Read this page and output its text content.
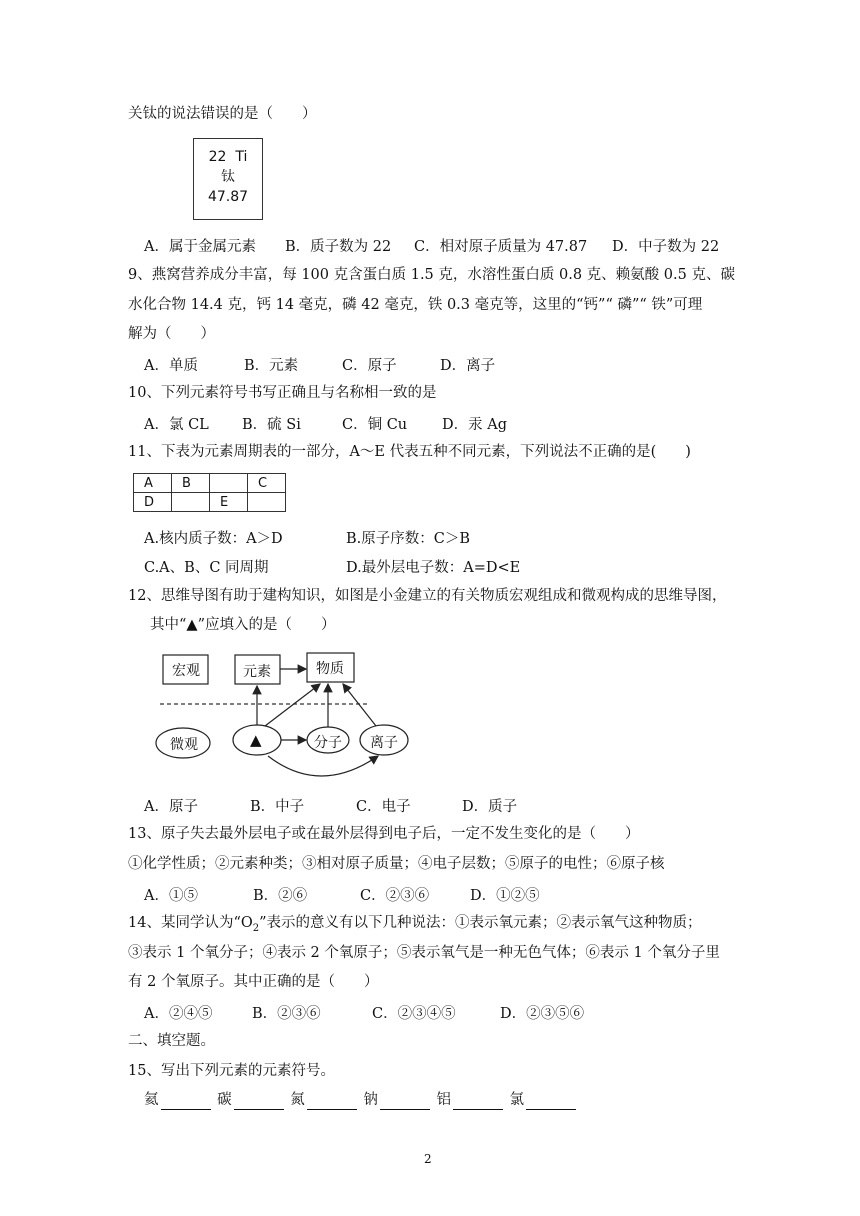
关钛的说法错误的是（　　）
22 Ti
钛
47.87
A．属于金属元素 B．质子数为 22 C．相对原子质量为 47.87 D．中子数为 22
9、燕窝营养成分丰富，每 100 克含蛋白质 1.5 克，水溶性蛋白质 0.8 克、赖氨酸 0.5 克、碳
水化合物 14.4 克，钙 14 毫克，磷 42 毫克，铁 0.3 毫克等，这里的“钙”“ 磷”“ 铁”可理
解为（　　）
A．单质	B．元素	C．原子	D．离子
10、下列元素符号书写正确且与名称相一致的是
A．氯 CL B．硫 Si	C．铜 Cu D．汞 Ag
11、下表为元素周期表的一部分，A～E 代表五种不同元素，下列说法不正确的是(　　)
A	B		C
D		E	
A.核内质子数：A＞D	B.原子序数：C＞B
C.A、B、C 同周期	D.最外层电子数：A=D<E
12、思维导图有助于建构知识，如图是小金建立的有关物质宏观组成和微观构成的思维导图，
其中“▲”应填入的是（　　）
宏观	元素	物质
微观	▲	分子 离子
A．原子	B．中子	C．电子	D．质子
13、原子失去最外层电子或在最外层得到电子后，一定不发生变化的是（　　）
①化学性质；②元素种类；③相对原子质量；④电子层数；⑤原子的电性；⑥原子核
A．①⑤	B．②⑥	C．②③⑥	D．①②⑤
14、某同学认为“$O_2$”表示的意义有以下几种说法：①表示氧元素；②表示氧气这种物质；
③表示 1 个氧分子；④表示 2 个氧原子；⑤表示氧气是一种无色气体；⑥表示 1 个氧分子里
有 2 个氧原子。其中正确的是（　　）
A．②④⑤	B．②③⑥	C．②③④⑤	D．②③⑤⑥
二、填空题。
15、写出下列元素的元素符号。
氦	碳	氮	钠	铝	氯
2
